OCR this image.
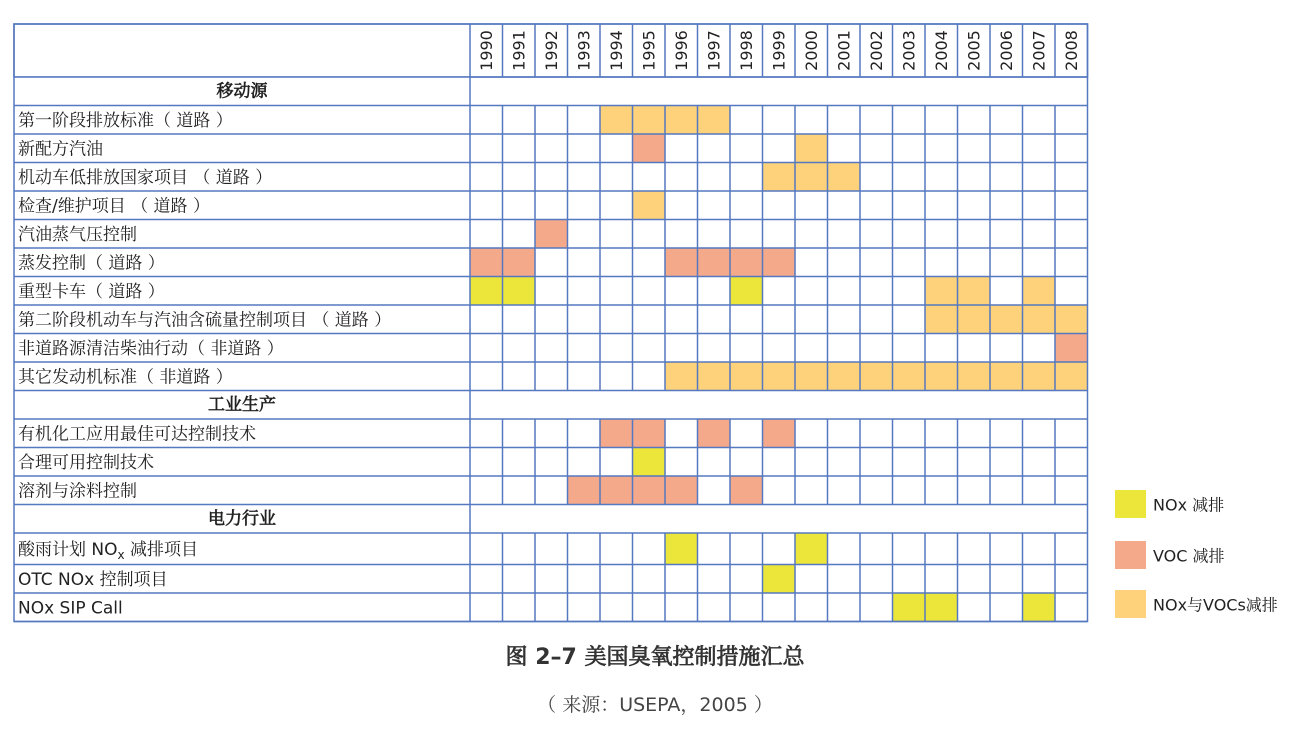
1990 1991 1992 1993 1994 1995 1996 1997 1998 1999 2000 2001 2002 2003 2004 2005 2006 2007 2008
移动源
第一阶段排放标准（ 道路 ）
新配方汽油
机动车低排放国家项目 （ 道路 ）
检查/维护项目 （ 道路 ）
汽油蒸气压控制
蒸发控制（ 道路 ）
重型卡车（ 道路 ）
第二阶段机动车与汽油含硫量控制项目 （ 道路 ）
非道路源清洁柴油行动（ 非道路 ）
其它发动机标准（ 非道路 ）
工业生产
有机化工应用最佳可达控制技术
合理可用控制技术
溶剂与涂料控制
电力行业
酸雨计划 $NO_x$ 减排项目
OTC NOx 控制项目
NOx SIP Call
NOx 减排
VOC 减排
NOx与VOCs减排
图 2–7 美国臭氧控制措施汇总
（ 来源：USEPA，2005 ）
